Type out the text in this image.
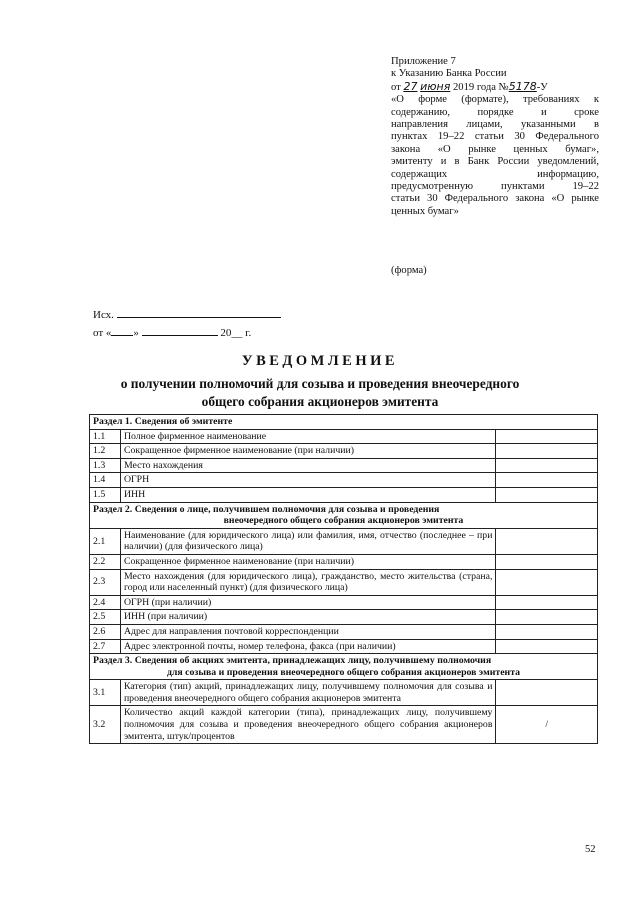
Приложение 7
к Указанию Банка России
от 27 июня 2019 года №5178-У
«О форме (формате), требованиях к
содержанию, порядке и сроке
направления лицами, указанными в
пунктах 19–22 статьи 30 Федерального
закона «О рынке ценных бумаг»,
эмитенту и в Банк России уведомлений,
содержащих информацию,
предусмотренную пунктами 19–22
статьи 30 Федерального закона «О рынке
ценных бумаг»
(форма)
Исх.
от « »	20__ г.
УВЕДОМЛЕНИЕ
о получении полномочий для созыва и проведения внеочередного
общего собрания акционеров эмитента
Раздел 1. Сведения об эмитенте		
1.1	Полное фирменное наименование	
1.2	Сокращенное фирменное наименование (при наличии)	
1.3	Место нахождения	
1.4	ОГРН	
1.5	ИНН	

Раздел 2. Сведения о лице, получившем полномочия для созыва и проведения
внеочередного общего собрания акционеров эмитента		

2.1	Наименование (для юридического лица) или фамилия, имя, отчество (последнее – при наличии) (для физического лица)	
2.2	Сокращенное фирменное наименование (при наличии)	
2.3	Место нахождения (для юридического лица), гражданство, место жительства (страна, город или населенный пункт) (для физического лица)	
2.4	ОГРН (при наличии)	
2.5	ИНН (при наличии)	
2.6	Адрес для направления почтовой корреспонденции	
2.7	Адрес электронной почты, номер телефона, факса (при наличии)	

Раздел 3. Сведения об акциях эмитента, принадлежащих лицу, получившему полномочия
для созыва и проведения внеочередного общего собрания акционеров эмитента		

3.1	Категория (тип) акций, принадлежащих лицу, получившему полномочия для созыва и проведения внеочередного общего собрания акционеров эмитента	
3.2	Количество акций каждой категории (типа), принадлежащих лицу, получившему полномочия для созыва и проведения внеочередного общего собрания акционеров эмитента, штук/процентов	/
52
